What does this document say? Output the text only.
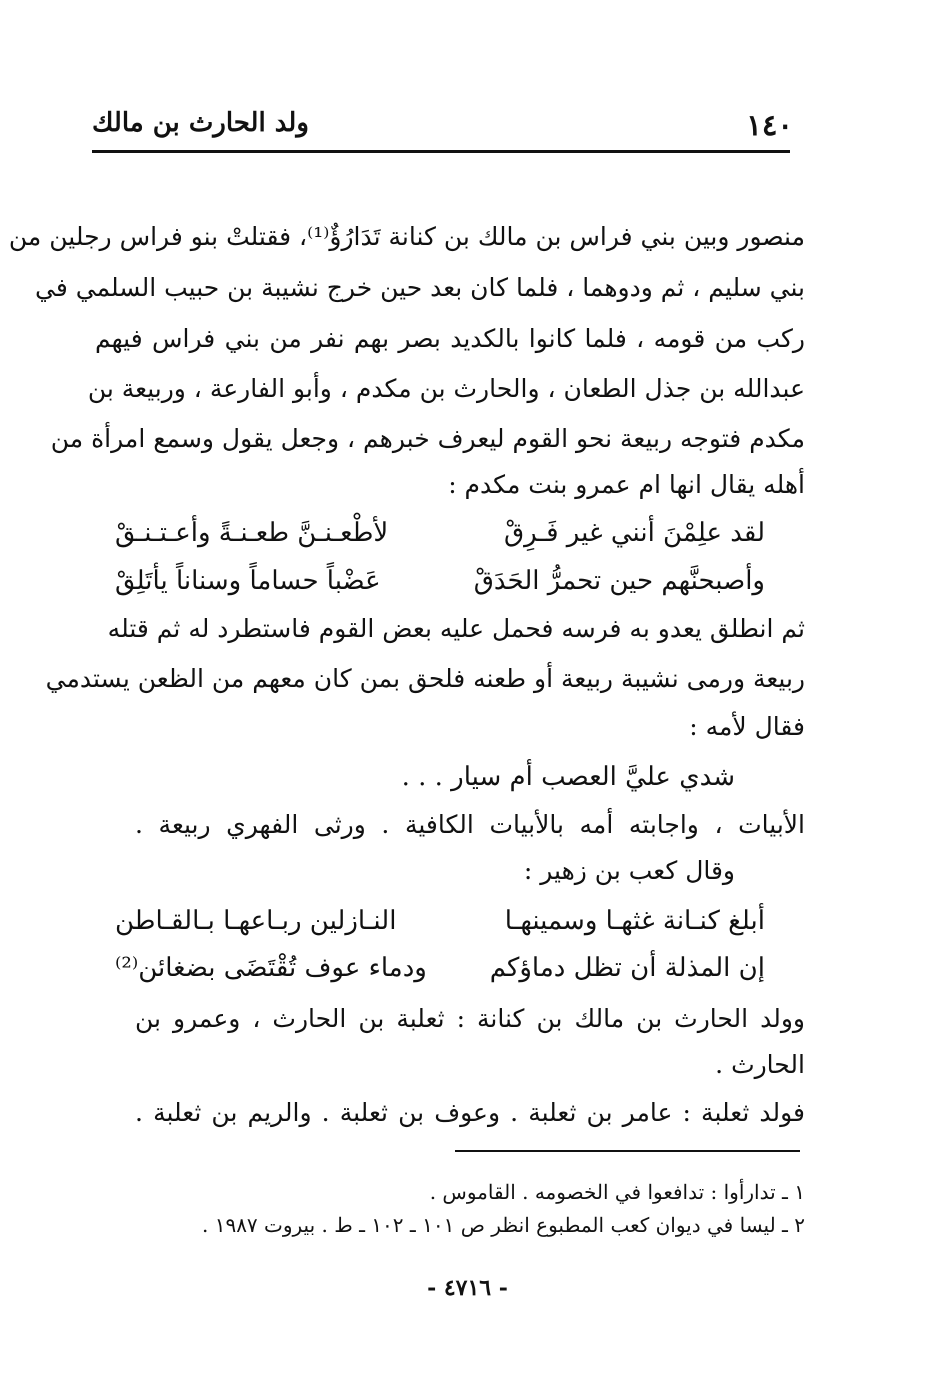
١٤٠
ولد الحارث بن مالك
منصور وبين بني فراس بن مالك بن كنانة تَدَارُؤٌ⁽¹⁾، فقتلتْ بنو فراس رجلين من
بني سليم ، ثم ودوهما ، فلما كان بعد حين خرج نشيبة بن حبيب السلمي في
ركب من قومه ، فلما كانوا بالكديد بصر بهم نفر من بني فراس فيهم
عبدالله بن جذل الطعان ، والحارث بن مكدم ، وأبو الفارعة ، وربيعة بن
مكدم فتوجه ربيعة نحو القوم ليعرف خبرهم ، وجعل يقول وسمع امرأة من
أهله يقال انها ام عمرو بنت مكدم :
لقد علِمْنَ أنني غير فَـرِقْ
لأطْعـنـنَّ طعـنـةً وأعـتـنـقْ
وأصبحنَّهم حين تحمرُّ الحَدَقْ
عَضْباً حساماً وسناناً يأتَلِقْ
ثم انطلق يعدو به فرسه فحمل عليه بعض القوم فاستطرد له ثم قتله
ربيعة ورمى نشيبة ربيعة أو طعنه فلحق بمن كان معهم من الظعن يستدمي
فقال لأمه :
شدي عليَّ العصب أم سيار . . .
الأبيات ، واجابته أمه بالأبيات الكافية . ورثى الفهري ربيعة .
وقال كعب بن زهير :
أبلغ كنـانة غثهـا وسمينهـا
النـازلين ربـاعهـا بـالقـاطن
إن المذلة أن تظل دماؤكم
ودماء عوف تُقْتَضَى بضغائن⁽²⁾
وولد الحارث بن مالك بن كنانة : ثعلبة بن الحارث ، وعمرو بن
الحارث .
فولد ثعلبة : عامر بن ثعلبة . وعوف بن ثعلبة . والريم بن ثعلبة .
١ ـ تدارأوا : تدافعوا في الخصومه . القاموس .
٢ ـ ليسا في ديوان كعب المطبوع انظر ص ١٠١ ـ ١٠٢ ـ ط . بيروت ١٩٨٧ .
- ٤٧١٦ -
